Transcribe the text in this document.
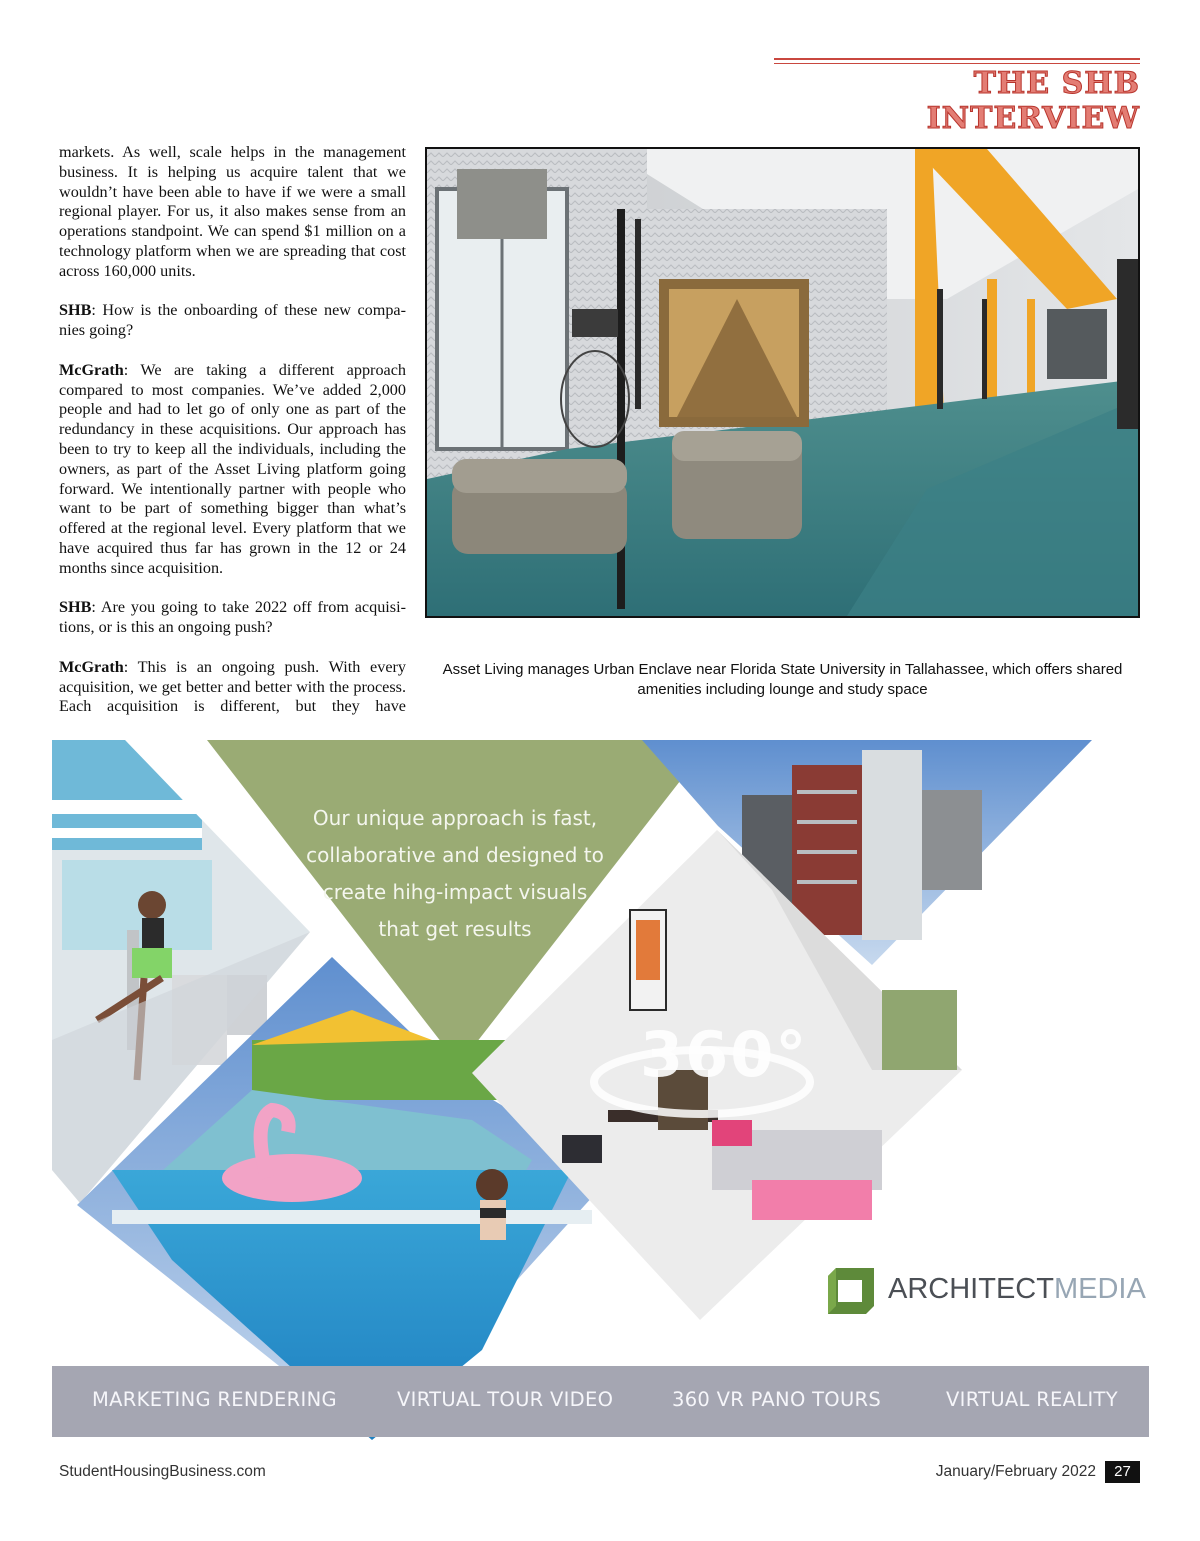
THE SHB INTERVIEW

markets. As well, scale helps in the management business. It is helping us acquire talent that we wouldn’t have been able to have if we were a small regional player. For us, it also makes sense from an operations standpoint. We can spend $1 million on a technology platform when we are spreading that cost across 160,000 units.

SHB: How is the onboarding of these new companies going?

McGrath: We are taking a different approach compared to most companies. We’ve added 2,000 people and had to let go of only one as part of the redundancy in these acquisitions. Our approach has been to try to keep all the individuals, including the owners, as part of the Asset Living platform going forward. We intentionally partner with people who want to be part of something bigger than what’s offered at the regional level. Every platform that we have acquired thus far has grown in the 12 or 24 months since acquisition.

SHB: Are you going to take 2022 off from acquisitions, or is this an ongoing push?

McGrath: This is an ongoing push. With every acquisition, we get better and better with the process. Each acquisition is different, but they have

Asset Living manages Urban Enclave near Florida State University in Tallahassee, which offers shared amenities including lounge and study space
Our unique approach is fast,
collaborative and designed to
create hihg-impact visuals
that get results
360°
ARCHITECTMEDIA
MARKETING RENDERING	VIRTUAL TOUR VIDEO	360 VR PANO TOURS	VIRTUAL REALITY
StudentHousingBusiness.com	January/February 2022	27
